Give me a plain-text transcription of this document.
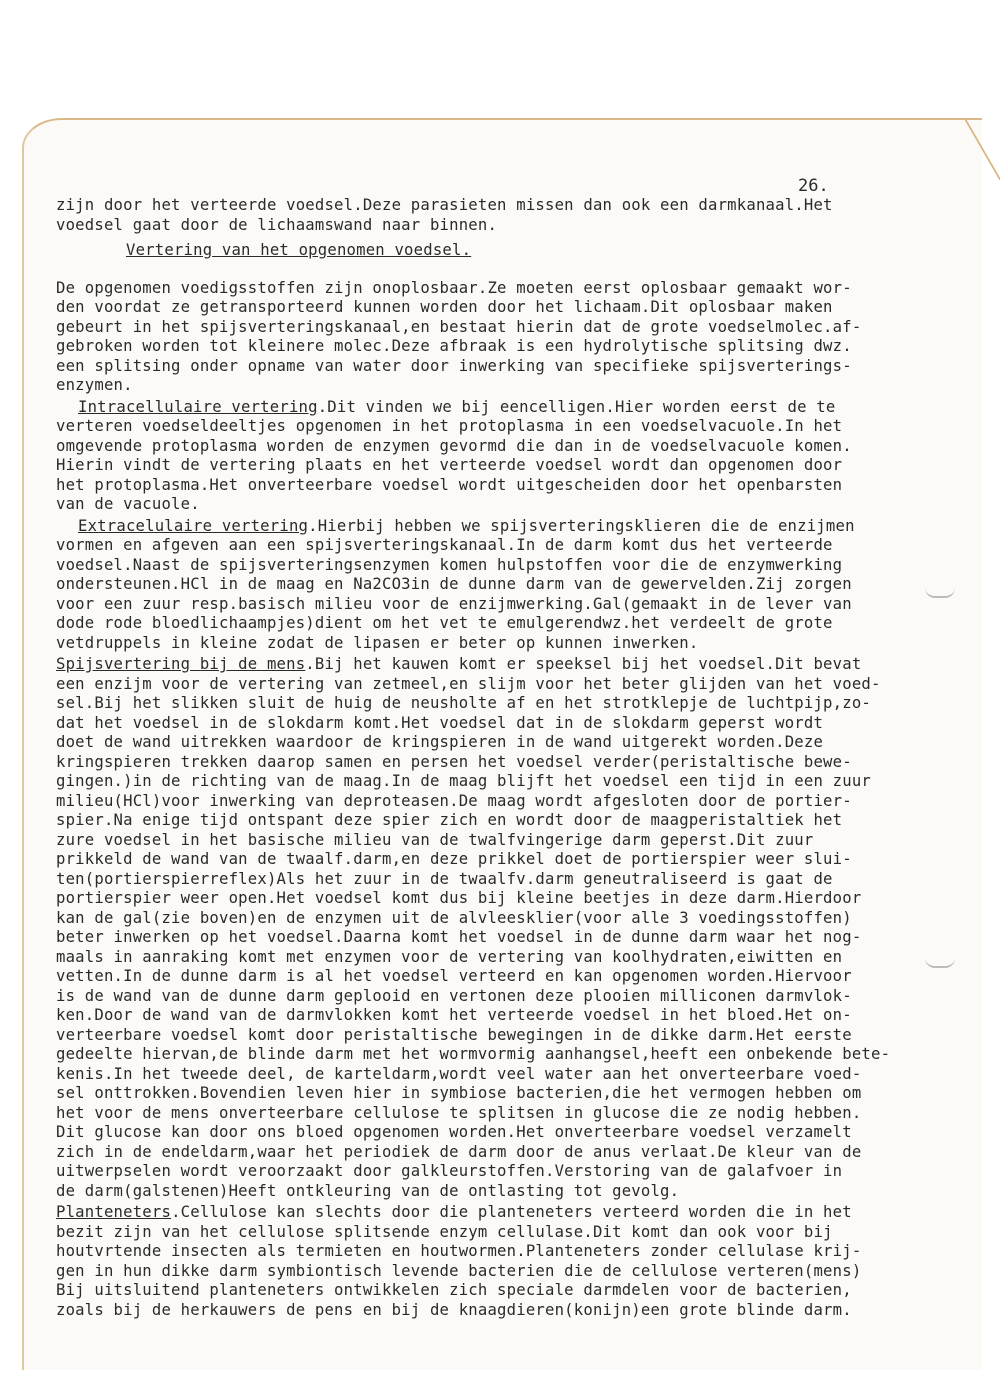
26.

zijn door het verteerde voedsel.Deze parasieten missen dan ook een darmkanaal.Het
voedsel gaat door de lichaamswand naar binnen.

Vertering van het opgenomen voedsel.

De opgenomen voedigsstoffen zijn onoplosbaar.Ze moeten eerst oplosbaar gemaakt wor-
den voordat ze getransporteerd kunnen worden door het lichaam.Dit oplosbaar maken
gebeurt in het spijsverteringskanaal,en bestaat hierin dat de grote voedselmolec.af-
gebroken worden tot kleinere molec.Deze afbraak is een hydrolytische splitsing dwz.
een splitsing onder opname van water door inwerking van specifieke spijsverterings-
enzymen.

Intracellulaire vertering.Dit vinden we bij eencelligen.Hier worden eerst de te
verteren voedseldeeltjes opgenomen in het protoplasma in een voedselvacuole.In het
omgevende protoplasma worden de enzymen gevormd die dan in de voedselvacuole komen.
Hierin vindt de vertering plaats en het verteerde voedsel wordt dan opgenomen door
het protoplasma.Het onverteerbare voedsel wordt uitgescheiden door het openbarsten
van de vacuole.

Extracelulaire vertering.Hierbij hebben we spijsverteringsklieren die de enzijmen
vormen en afgeven aan een spijsverteringskanaal.In de darm komt dus het verteerde
voedsel.Naast de spijsverteringsenzymen komen hulpstoffen voor die de enzymwerking
ondersteunen.HCl in de maag en Na2CO3in de dunne darm van de gewervelden.Zij zorgen
voor een zuur resp.basisch milieu voor de enzijmwerking.Gal(gemaakt in de lever van
dode rode bloedlichaampjes)dient om het vet te emulgerendwz.het verdeelt de grote
vetdruppels in kleine zodat de lipasen er beter op kunnen inwerken.

Spijsvertering bij de mens.Bij het kauwen komt er speeksel bij het voedsel.Dit bevat
een enzijm voor de vertering van zetmeel,en slijm voor het beter glijden van het voed-
sel.Bij het slikken sluit de huig de neusholte af en het strotklepje de luchtpijp,zo-
dat het voedsel in de slokdarm komt.Het voedsel dat in de slokdarm geperst wordt
doet de wand uitrekken waardoor de kringspieren in de wand uitgerekt worden.Deze
kringspieren trekken daarop samen en persen het voedsel verder(peristaltische bewe-
gingen.)in de richting van de maag.In de maag blijft het voedsel een tijd in een zuur
milieu(HCl)voor inwerking van deproteasen.De maag wordt afgesloten door de portier-
spier.Na enige tijd ontspant deze spier zich en wordt door de maagperistaltiek het
zure voedsel in het basische milieu van de twalfvingerige darm geperst.Dit zuur
prikkeld de wand van de twaalf.darm,en deze prikkel doet de portierspier weer slui-
ten(portierspierreflex)Als het zuur in de twaalfv.darm geneutraliseerd is gaat de
portierspier weer open.Het voedsel komt dus bij kleine beetjes in deze darm.Hierdoor
kan de gal(zie boven)en de enzymen uit de alvleesklier(voor alle 3 voedingsstoffen)
beter inwerken op het voedsel.Daarna komt het voedsel in de dunne darm waar het nog-
maals in aanraking komt met enzymen voor de vertering van koolhydraten,eiwitten en
vetten.In de dunne darm is al het voedsel verteerd en kan opgenomen worden.Hiervoor
is de wand van de dunne darm geplooid en vertonen deze plooien milliconen darmvlok-
ken.Door de wand van de darmvlokken komt het verteerde voedsel in het bloed.Het on-
verteerbare voedsel komt door peristaltische bewegingen in de dikke darm.Het eerste
gedeelte hiervan,de blinde darm met het wormvormig aanhangsel,heeft een onbekende bete-
kenis.In het tweede deel, de karteldarm,wordt veel water aan het onverteerbare voed-
sel onttrokken.Bovendien leven hier in symbiose bacterien,die het vermogen hebben om
het voor de mens onverteerbare cellulose te splitsen in glucose die ze nodig hebben.
Dit glucose kan door ons bloed opgenomen worden.Het onverteerbare voedsel verzamelt
zich in de endeldarm,waar het periodiek de darm door de anus verlaat.De kleur van de
uitwerpselen wordt veroorzaakt door galkleurstoffen.Verstoring van de galafvoer in
de darm(galstenen)Heeft ontkleuring van de ontlasting tot gevolg.

Planteneters.Cellulose kan slechts door die planteneters verteerd worden die in het
bezit zijn van het cellulose splitsende enzym cellulase.Dit komt dan ook voor bij
houtvrtende insecten als termieten en houtwormen.Planteneters zonder cellulase krij-
gen in hun dikke darm symbiontisch levende bacterien die de cellulose verteren(mens)
Bij uitsluitend planteneters ontwikkelen zich speciale darmdelen voor de bacterien,
zoals bij de herkauwers de pens en bij de knaagdieren(konijn)een grote blinde darm.
